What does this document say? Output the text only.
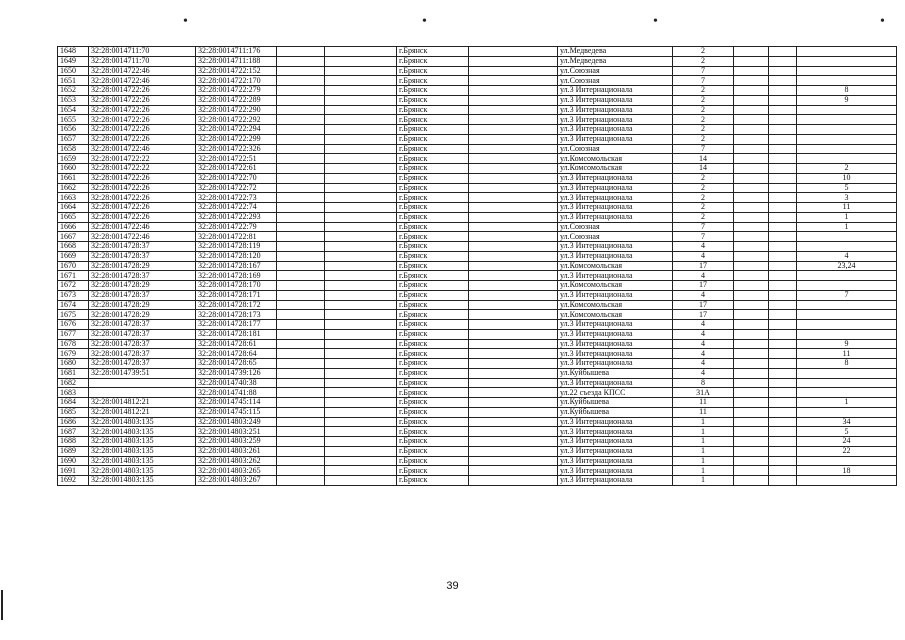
•	•	•	•
1648	32:28:0014711:70	32:28:0014711:176			г.Брянск		ул.Медведева	2			
1649	32:28:0014711:70	32:28:0014711:188			г.Брянск		ул.Медведева	2			
1650	32:28:0014722:46	32:28:0014722:152			г.Брянск		ул.Союзная	7			
1651	32:28:0014722:46	32:28:0014722:170			г.Брянск		ул.Союзная	7			
1652	32:28:0014722:26	32:28:0014722:279			г.Брянск		ул.3 Интернационала	2			8
1653	32:28:0014722:26	32:28:0014722:289			г.Брянск		ул.3 Интернационала	2			9
1654	32:28:0014722:26	32:28:0014722:290			г.Брянск		ул.3 Интернационала	2			
1655	32:28:0014722:26	32:28:0014722:292			г.Брянск		ул.3 Интернационала	2			
1656	32:28:0014722:26	32:28:0014722:294			г.Брянск		ул.3 Интернационала	2			
1657	32:28:0014722:26	32:28:0014722:299			г.Брянск		ул.3 Интернационала	2			
1658	32:28:0014722:46	32:28:0014722:326			г.Брянск		ул.Союзная	7			
1659	32:28:0014722:22	32:28:0014722:51			г.Брянск		ул.Комсомольская	14			
1660	32:28:0014722:22	32:28:0014722:61			г.Брянск		ул.Комсомольская	14			2
1661	32:28:0014722:26	32:28:0014722:70			г.Брянск		ул.3 Интернационала	2			10
1662	32:28:0014722:26	32:28:0014722:72			г.Брянск		ул.3 Интернационала	2			5
1663	32:28:0014722:26	32:28:0014722:73			г.Брянск		ул.3 Интернационала	2			3
1664	32:28:0014722:26	32:28:0014722:74			г.Брянск		ул.3 Интернационала	2			11
1665	32:28:0014722:26	32:28:0014722:293			г.Брянск		ул.3 Интернационала	2			1
1666	32:28:0014722:46	32:28:0014722:79			г.Брянск		ул.Союзная	7			1
1667	32:28:0014722:46	32:28:0014722:81			г.Брянск		ул.Союзная	7			
1668	32:28:0014728:37	32:28:0014728:119			г.Брянск		ул.3 Интернационала	4			
1669	32:28:0014728:37	32:28:0014728:120			г.Брянск		ул.3 Интернационала	4			4
1670	32:28:0014728:29	32:28:0014728:167			г.Брянск		ул.Комсомольская	17			23,24
1671	32:28:0014728:37	32:28:0014728:169			г.Брянск		ул.3 Интернационала	4			
1672	32:28:0014728:29	32:28:0014728:170			г.Брянск		ул.Комсомольская	17			
1673	32:28:0014728:37	32:28:0014728:171			г.Брянск		ул.3 Интернационала	4			7
1674	32:28:0014728:29	32:28:0014728:172			г.Брянск		ул.Комсомольская	17			
1675	32:28:0014728:29	32:28:0014728:173			г.Брянск		ул.Комсомольская	17			
1676	32:28:0014728:37	32:28:0014728:177			г.Брянск		ул.3 Интернационала	4			
1677	32:28:0014728:37	32:28:0014728:181			г.Брянск		ул.3 Интернационала	4			
1678	32:28:0014728:37	32:28:0014728:61			г.Брянск		ул.3 Интернационала	4			9
1679	32:28:0014728:37	32:28:0014728:64			г.Брянск		ул.3 Интернационала	4			11
1680	32:28:0014728:37	32:28:0014728:65			г.Брянск		ул.3 Интернационала	4			8
1681	32:28:0014739:51	32:28:0014739:126			г.Брянск		ул.Куйбышева	4			
1682		32:28:0014740:38			г.Брянск		ул.3 Интернационала	8			
1683		32:28:0014741:88			г.Брянск		ул.22 съезда КПСС	31А			
1684	32:28:0014812:21	32:28:0014745:114			г.Брянск		ул.Куйбышева	11			1
1685	32:28:0014812:21	32:28:0014745:115			г.Брянск		ул.Куйбышева	11			
1686	32:28:0014803:135	32:28:0014803:249			г.Брянск		ул.3 Интернационала	1			34
1687	32:28:0014803:135	32:28:0014803:251			г.Брянск		ул.3 Интернационала	1			5
1688	32:28:0014803:135	32:28:0014803:259			г.Брянск		ул.3 Интернационала	1			24
1689	32:28:0014803:135	32:28:0014803:261			г.Брянск		ул.3 Интернационала	1			22
1690	32:28:0014803:135	32:28:0014803:262			г.Брянск		ул.3 Интернационала	1			
1691	32:28:0014803:135	32:28:0014803:265			г.Брянск		ул.3 Интернационала	1			18
1692	32:28:0014803:135	32:28:0014803:267			г.Брянск		ул.3 Интернационала	1			
39
